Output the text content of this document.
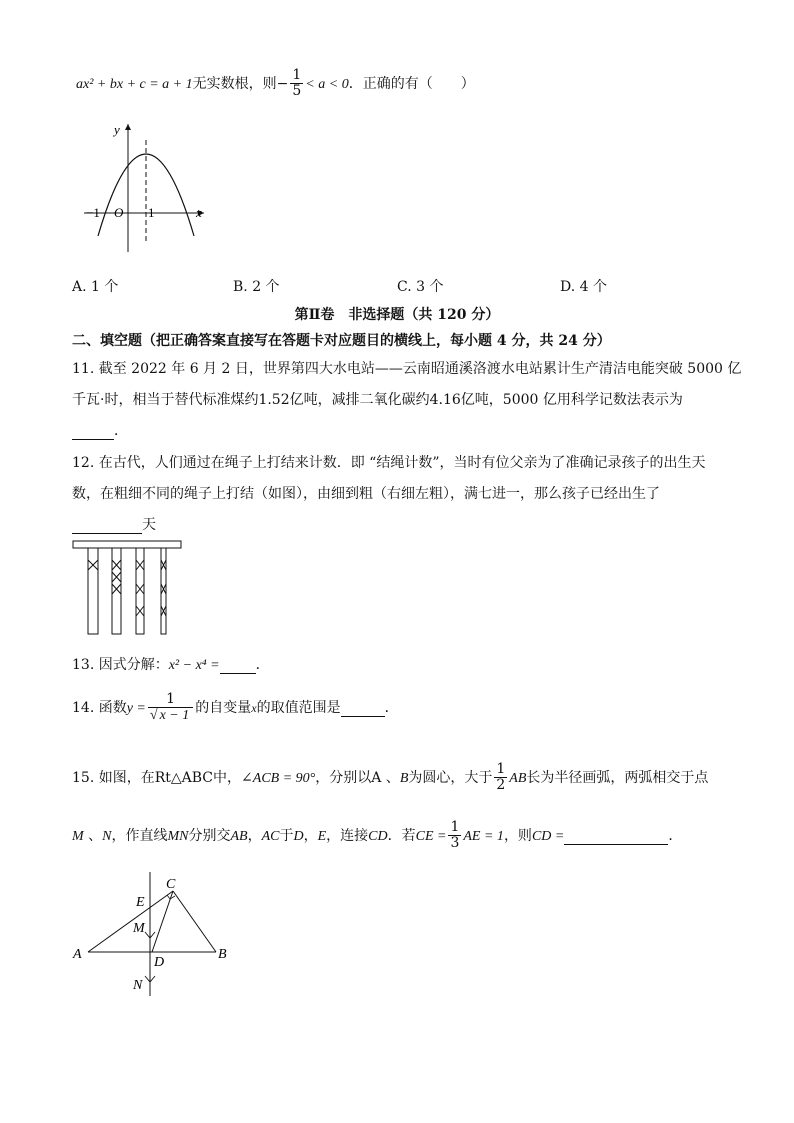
ax² + bx + c = a + 1无实数根，则− $\frac{1}{5} < a < 0$．正确的有（　　）
y
x
−1 O 1
A. 1 个	B. 2 个	C. 3 个	D. 4 个
第Ⅱ卷　非选择题（共 120 分）
二、填空题（把正确答案直接写在答题卡对应题目的横线上，每小题 4 分，共 24 分）
11. 截至 2022 年 6 月 2 日，世界第四大水电站——云南昭通溪洛渡水电站累计生产清洁电能突破 5000 亿
千瓦·时，相当于替代标准煤约1.52亿吨，减排二氧化碳约4.16亿吨，5000 亿用科学记数法表示为
．
12. 在古代，人们通过在绳子上打结来计数．即 “结绳计数”，当时有位父亲为了准确记录孩子的出生天
数，在粗细不同的绳子上打结（如图），由细到粗（右细左粗），满七进一，那么孩子已经出生了
天
13. 因式分解：x² − x⁴ =	．
14. 函数$y = \frac{1}{√ x - 1}$ 的自变量x的取值范围是	．
15. 如图，在Rt△ABC中，∠ACB = 90°，分别以A 、B为圆心，大于 $\frac{1}{2}$ AB长为半径画弧，两弧相交于点
M 、N，作直线MN分别交AB，AC于D，E，连接CD．若CE = $\frac{1}{3}$ AE = 1，则CD =	．
C
E
M
A
D
B
N
